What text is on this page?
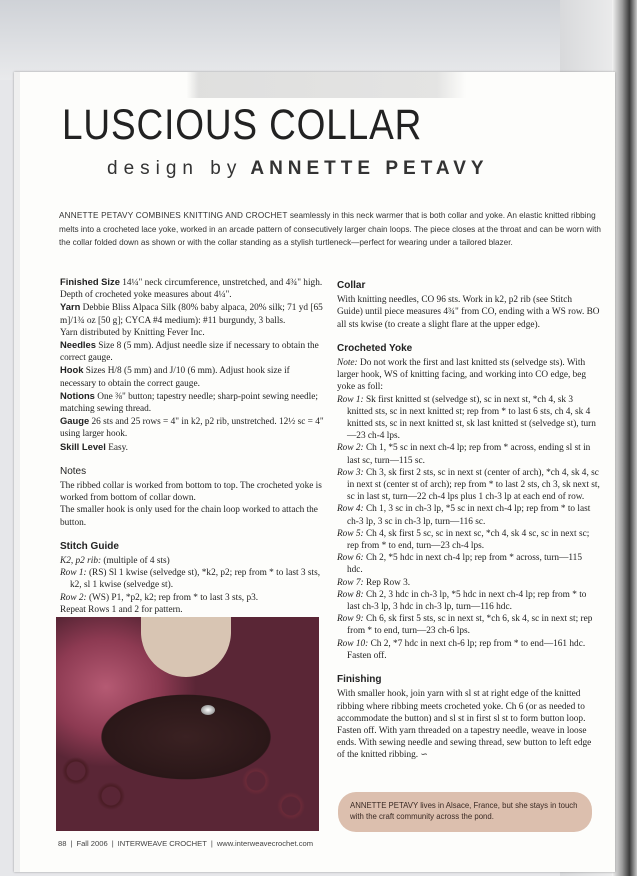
LUSCIOUS COLLAR
design by ANNETTE PETAVY

ANNETTE PETAVY COMBINES KNITTING AND CROCHET seamlessly in this neck warmer that is both collar and yoke. An elastic knitted ribbing melts into a crocheted lace yoke, worked in an arcade pattern of consecutively larger chain loops. The piece closes at the throat and can be worn with the collar folded down as shown or with the collar standing as a stylish turtleneck—perfect for wearing under a tailored blazer.

Finished Size 14¼" neck circumference, unstretched, and 4¾" high. Depth of crocheted yoke measures about 4¼".

Yarn Debbie Bliss Alpaca Silk (80% baby alpaca, 20% silk; 71 yd [65 m]/1¾ oz [50 g]; CYCA #4 medium): #11 burgundy, 3 balls.

Yarn distributed by Knitting Fever Inc.

Needles Size 8 (5 mm). Adjust needle size if necessary to obtain the correct gauge.

Hook Sizes H/8 (5 mm) and J/10 (6 mm). Adjust hook size if necessary to obtain the correct gauge.

Notions One ⅜" button; tapestry needle; sharp-point sewing needle; matching sewing thread.

Gauge 26 sts and 25 rows = 4" in k2, p2 rib, unstretched. 12½ sc = 4" using larger hook.

Skill Level Easy.

Notes

The ribbed collar is worked from bottom to top. The crocheted yoke is worked from bottom of collar down.

The smaller hook is only used for the chain loop worked to attach the button.

Stitch Guide

K2, p2 rib: (multiple of 4 sts)

Row 1: (RS) Sl 1 kwise (selvedge st), *k2, p2; rep from * to last 3 sts, k2, sl 1 kwise (selvedge st).

Row 2: (WS) P1, *p2, k2; rep from * to last 3 sts, p3.

Repeat Rows 1 and 2 for pattern.

Collar

With knitting needles, CO 96 sts. Work in k2, p2 rib (see Stitch Guide) until piece measures 4¾" from CO, ending with a WS row. BO all sts kwise (to create a slight flare at the upper edge).

Crocheted Yoke

Note: Do not work the first and last knitted sts (selvedge sts). With larger hook, WS of knitting facing, and working into CO edge, beg yoke as foll:

Row 1: Sk first knitted st (selvedge st), sc in next st, *ch 4, sk 3 knitted sts, sc in next knitted st; rep from * to last 6 sts, ch 4, sk 4 knitted sts, sc in next knitted st, sk last knitted st (selvedge st), turn—23 ch-4 lps.

Row 2: Ch 1, *5 sc in next ch-4 lp; rep from * across, ending sl st in last sc, turn—115 sc.

Row 3: Ch 3, sk first 2 sts, sc in next st (center of arch), *ch 4, sk 4, sc in next st (center st of arch); rep from * to last 2 sts, ch 3, sk next st, sc in last st, turn—22 ch-4 lps plus 1 ch-3 lp at each end of row.

Row 4: Ch 1, 3 sc in ch-3 lp, *5 sc in next ch-4 lp; rep from * to last ch-3 lp, 3 sc in ch-3 lp, turn—116 sc.

Row 5: Ch 4, sk first 5 sc, sc in next sc, *ch 4, sk 4 sc, sc in next sc; rep from * to end, turn—23 ch-4 lps.

Row 6: Ch 2, *5 hdc in next ch-4 lp; rep from * across, turn—115 hdc.

Row 7: Rep Row 3.

Row 8: Ch 2, 3 hdc in ch-3 lp, *5 hdc in next ch-4 lp; rep from * to last ch-3 lp, 3 hdc in ch-3 lp, turn—116 hdc.

Row 9: Ch 6, sk first 5 sts, sc in next st, *ch 6, sk 4, sc in next st; rep from * to end, turn—23 ch-6 lps.

Row 10: Ch 2, *7 hdc in next ch-6 lp; rep from * to end—161 hdc. Fasten off.

Finishing

With smaller hook, join yarn with sl st at right edge of the knitted ribbing where ribbing meets crocheted yoke. Ch 6 (or as needed to accommodate the button) and sl st in first sl st to form button loop. Fasten off. With yarn threaded on a tapestry needle, weave in loose ends. With sewing needle and sewing thread, sew button to left edge of the knitted ribbing. ∽

ANNETTE PETAVY lives in Alsace, France, but she stays in touch with the craft community across the pond.
88 | Fall 2006 | INTERWEAVE CROCHET | www.interweavecrochet.com
